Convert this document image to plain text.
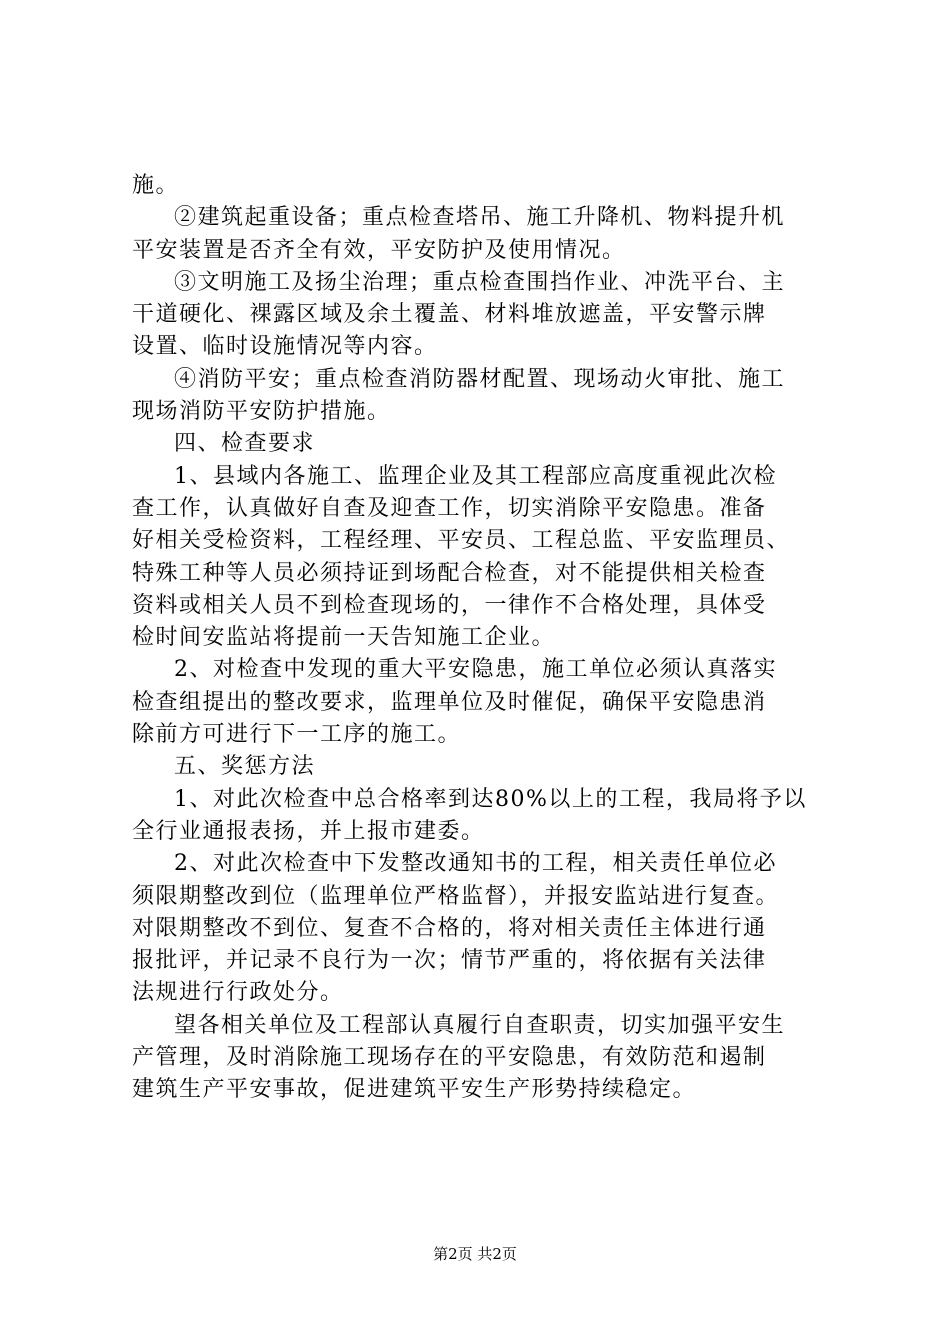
施。
②建筑起重设备；重点检查塔吊、施工升降机、物料提升机
平安装置是否齐全有效，平安防护及使用情况。
③文明施工及扬尘治理；重点检查围挡作业、冲洗平台、主
干道硬化、裸露区域及余土覆盖、材料堆放遮盖，平安警示牌
设置、临时设施情况等内容。
④消防平安；重点检查消防器材配置、现场动火审批、施工
现场消防平安防护措施。
四、检查要求
1、县域内各施工、监理企业及其工程部应高度重视此次检
查工作，认真做好自查及迎查工作，切实消除平安隐患。准备
好相关受检资料，工程经理、平安员、工程总监、平安监理员、
特殊工种等人员必须持证到场配合检查，对不能提供相关检查
资料或相关人员不到检查现场的，一律作不合格处理，具体受
检时间安监站将提前一天告知施工企业。
2、对检查中发现的重大平安隐患，施工单位必须认真落实
检查组提出的整改要求，监理单位及时催促，确保平安隐患消
除前方可进行下一工序的施工。
五、奖惩方法
1、对此次检查中总合格率到达80%以上的工程，我局将予以
全行业通报表扬，并上报市建委。
2、对此次检查中下发整改通知书的工程，相关责任单位必
须限期整改到位（监理单位严格监督），并报安监站进行复查。
对限期整改不到位、复查不合格的，将对相关责任主体进行通
报批评，并记录不良行为一次；情节严重的，将依据有关法律
法规进行行政处分。
望各相关单位及工程部认真履行自查职责，切实加强平安生
产管理，及时消除施工现场存在的平安隐患，有效防范和遏制
建筑生产平安事故，促进建筑平安生产形势持续稳定。
第2页 共2页
